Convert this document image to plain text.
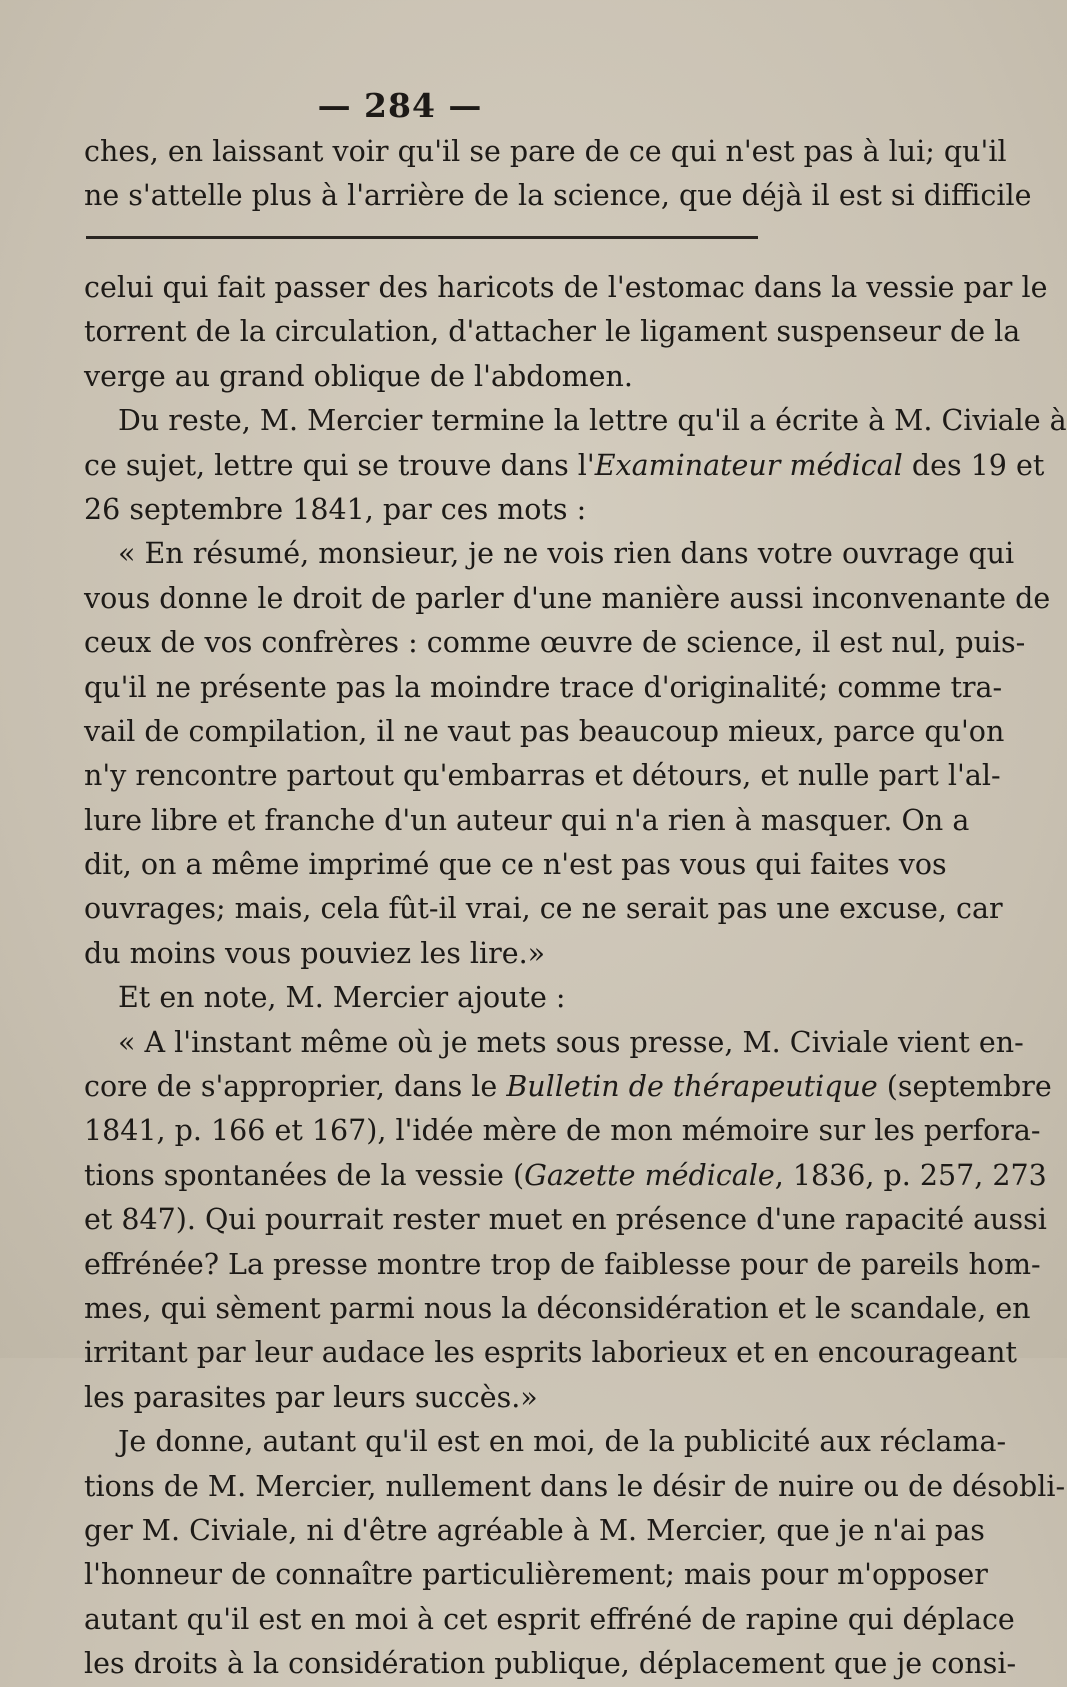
— 284 —
ches, en laissant voir qu'il se pare de ce qui n'est pas à lui; qu'il
ne s'attelle plus à l'arrière de la science, que déjà il est si difficile
celui qui fait passer des haricots de l'estomac dans la vessie par le
torrent de la circulation, d'attacher le ligament suspenseur de la
verge au grand oblique de l'abdomen.
Du reste, M. Mercier termine la lettre qu'il a écrite à M. Civiale à
ce sujet, lettre qui se trouve dans l'Examinateur médical des 19 et
26 septembre 1841, par ces mots :
« En résumé, monsieur, je ne vois rien dans votre ouvrage qui
vous donne le droit de parler d'une manière aussi inconvenante de
ceux de vos confrères : comme œuvre de science, il est nul, puis-
qu'il ne présente pas la moindre trace d'originalité; comme tra-
vail de compilation, il ne vaut pas beaucoup mieux, parce qu'on
n'y rencontre partout qu'embarras et détours, et nulle part l'al-
lure libre et franche d'un auteur qui n'a rien à masquer. On a
dit, on a même imprimé que ce n'est pas vous qui faites vos
ouvrages; mais, cela fût-il vrai, ce ne serait pas une excuse, car
du moins vous pouviez les lire.»
Et en note, M. Mercier ajoute :
« A l'instant même où je mets sous presse, M. Civiale vient en-
core de s'approprier, dans le Bulletin de thérapeutique (septembre
1841, p. 166 et 167), l'idée mère de mon mémoire sur les perfora-
tions spontanées de la vessie (Gazette médicale, 1836, p. 257, 273
et 847). Qui pourrait rester muet en présence d'une rapacité aussi
effrénée? La presse montre trop de faiblesse pour de pareils hom-
mes, qui sèment parmi nous la déconsidération et le scandale, en
irritant par leur audace les esprits laborieux et en encourageant
les parasites par leurs succès.»
Je donne, autant qu'il est en moi, de la publicité aux réclama-
tions de M. Mercier, nullement dans le désir de nuire ou de désobli-
ger M. Civiale, ni d'être agréable à M. Mercier, que je n'ai pas
l'honneur de connaître particulièrement; mais pour m'opposer
autant qu'il est en moi à cet esprit effréné de rapine qui déplace
les droits à la considération publique, déplacement que je consi-
